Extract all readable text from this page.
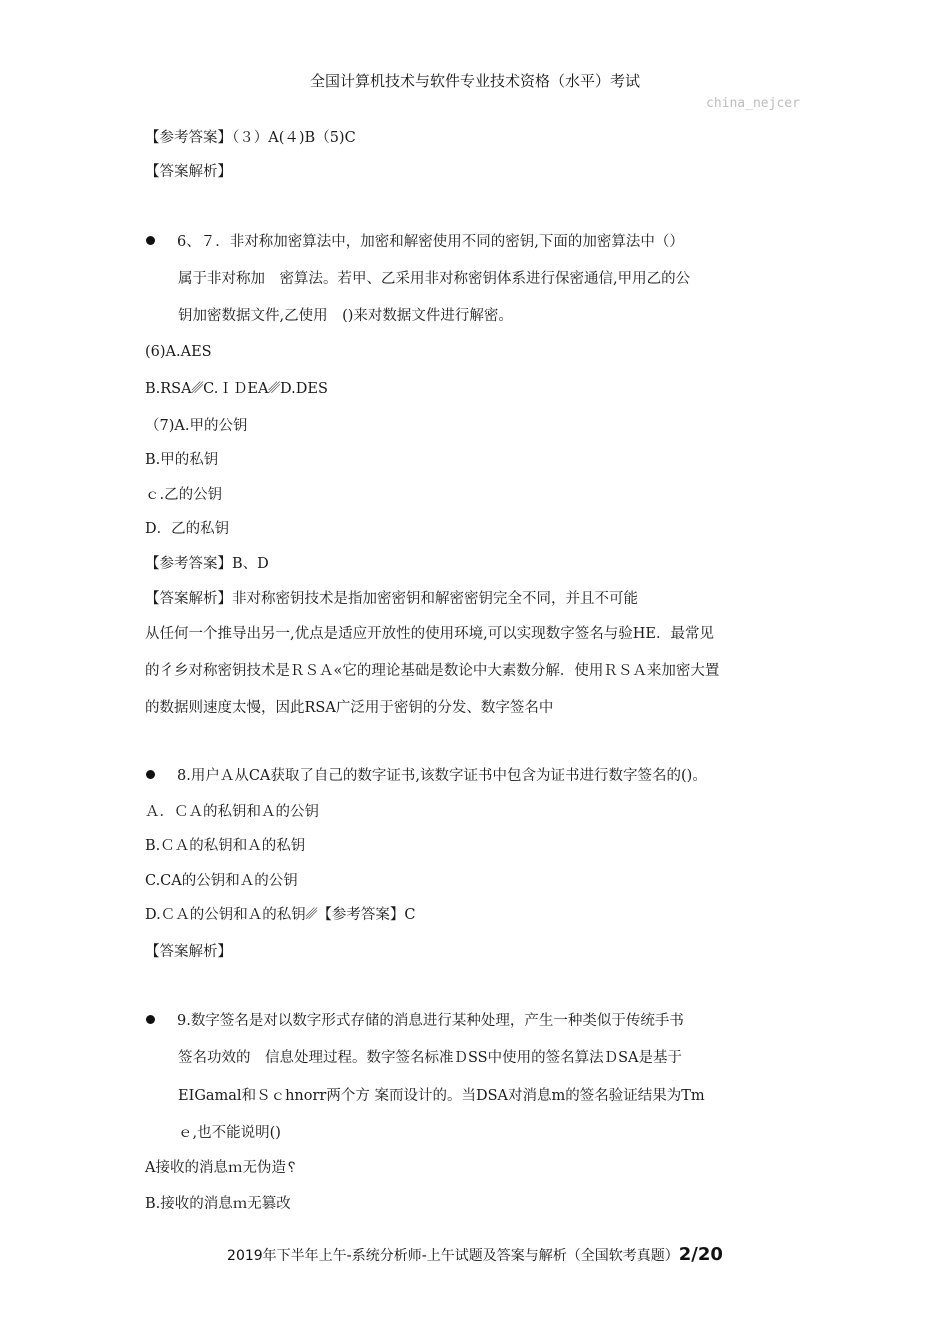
全国计算机技术与软件专业技术资格（水平）考试
china_nejcer
【参考答案】（３）A(４)B（5)C
【答案解析】
6、７．非对称加密算法中，加密和解密使用不同的密钥,下面的加密算法中（）
属于非对称加　密算法。若甲、乙采用非对称密钥体系进行保密通信,甲用乙的公
钥加密数据文件,乙使用　()来对数据文件进行解密。
(6)A.AES
B.RSA␥C.ＩＤEA␥D.DES
（7)A.甲的公钥
B.甲的私钥
ｃ.乙的公钥
D．乙的私钥
【参考答案】B、D
【答案解析】非对称密钥技术是指加密密钥和解密密钥完全不同，并且不可能
从任何一个推导出另一,优点是适应开放性的使用环境,可以实现数字签名与验HE．最常见
的彳乡对称密钥技术是ＲＳＡ«它的理论基础是数论中大素数分解．使用ＲＳＡ来加密大置
的数据则速度太慢，因此RSA广泛用于密钥的分发、数字签名中
8.用户Ａ从CA获取了自己的数字证书,该数字证书中包含为证书进行数字签名的()。
Ａ．ＣＡ的私钥和Ａ的公钥
B.ＣＡ的私钥和Ａ的私钥
C.CA的公钥和Ａ的公钥
D.ＣＡ的公钥和Ａ的私钥␥【参考答案】C
【答案解析】
9.数字签名是对以数字形式存储的消息进行某种处理，产生一种类似于传统手书
签名功效的　信息处理过程。数字签名标准ＤSS中使用的签名算法ＤSA是基于
EIGamal和Ｓｃhnorr两个方 案而设计的。当DSA对消息m的签名验证结果为Tm
ｅ,也不能说明()
A接收的消息ｍ无伪造␦
B.接收的消息ｍ无篡改
2019年下半年上午-系统分析师-上午试题及答案与解析（全国软考真题）2/20
